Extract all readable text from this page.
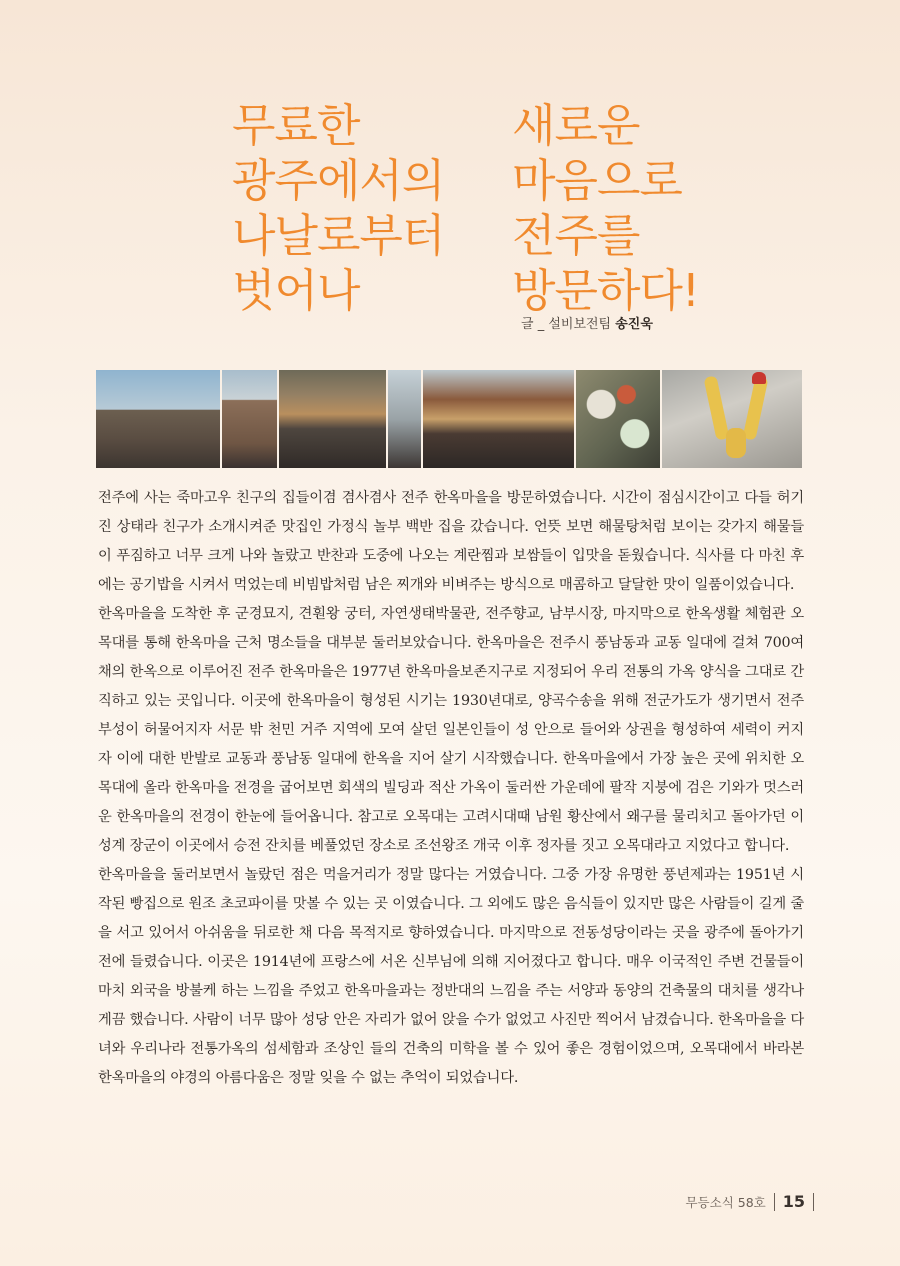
무료한
광주에서의
나날로부터
벗어나
새로운
마음으로
전주를
방문하다!
글 _ 설비보전팀 송진욱

전주에 사는 죽마고우 친구의 집들이겸 겸사겸사 전주 한옥마을을 방문하였습니다. 시간이 점심시간이고 다들 허기진 상태라 친구가 소개시켜준 맛집인 가정식 놀부 백반 집을 갔습니다. 언뜻 보면 해물탕처럼 보이는 갖가지 해물들이 푸짐하고 너무 크게 나와 놀랐고 반찬과 도중에 나오는 계란찜과 보쌈들이 입맛을 돋웠습니다. 식사를 다 마친 후에는 공기밥을 시켜서 먹었는데 비빔밥처럼 남은 찌개와 비벼주는 방식으로 매콤하고 달달한 맛이 일품이었습니다.

한옥마을을 도착한 후 군경묘지, 견훤왕 궁터, 자연생태박물관, 전주향교, 남부시장, 마지막으로 한옥생활 체험관 오목대를 통해 한옥마을 근처 명소들을 대부분 둘러보았습니다. 한옥마을은 전주시 풍남동과 교동 일대에 걸쳐 700여 채의 한옥으로 이루어진 전주 한옥마을은 1977년 한옥마을보존지구로 지정되어 우리 전통의 가옥 양식을 그대로 간직하고 있는 곳입니다. 이곳에 한옥마을이 형성된 시기는 1930년대로, 양곡수송을 위해 전군가도가 생기면서 전주부성이 허물어지자 서문 밖 천민 거주 지역에 모여 살던 일본인들이 성 안으로 들어와 상권을 형성하여 세력이 커지자 이에 대한 반발로 교동과 풍남동 일대에 한옥을 지어 살기 시작했습니다. 한옥마을에서 가장 높은 곳에 위치한 오목대에 올라 한옥마을 전경을 굽어보면 회색의 빌딩과 적산 가옥이 둘러싼 가운데에 팔작 지붕에 검은 기와가 멋스러운 한옥마을의 전경이 한눈에 들어옵니다. 참고로 오목대는 고려시대때 남원 황산에서 왜구를 물리치고 돌아가던 이성계 장군이 이곳에서 승전 잔치를 베풀었던 장소로 조선왕조 개국 이후 정자를 짓고 오목대라고 지었다고 합니다.

한옥마을을 둘러보면서 놀랐던 점은 먹을거리가 정말 많다는 거였습니다. 그중 가장 유명한 풍년제과는 1951년 시작된 빵집으로 원조 초코파이를 맛볼 수 있는 곳 이였습니다. 그 외에도 많은 음식들이 있지만 많은 사람들이 길게 줄을 서고 있어서 아쉬움을 뒤로한 채 다음 목적지로 향하였습니다. 마지막으로 전동성당이라는 곳을 광주에 돌아가기 전에 들렸습니다. 이곳은 1914년에 프랑스에 서온 신부님에 의해 지어졌다고 합니다. 매우 이국적인 주변 건물들이 마치 외국을 방불케 하는 느낌을 주었고 한옥마을과는 정반대의 느낌을 주는 서양과 동양의 건축물의 대치를 생각나게끔 했습니다. 사람이 너무 많아 성당 안은 자리가 없어 앉을 수가 없었고 사진만 찍어서 남겼습니다. 한옥마을을 다녀와 우리나라 전통가옥의 섬세함과 조상인 들의 건축의 미학을 볼 수 있어 좋은 경험이었으며, 오목대에서 바라본 한옥마을의 야경의 아름다움은 정말 잊을 수 없는 추억이 되었습니다.

무등소식 58호 15
